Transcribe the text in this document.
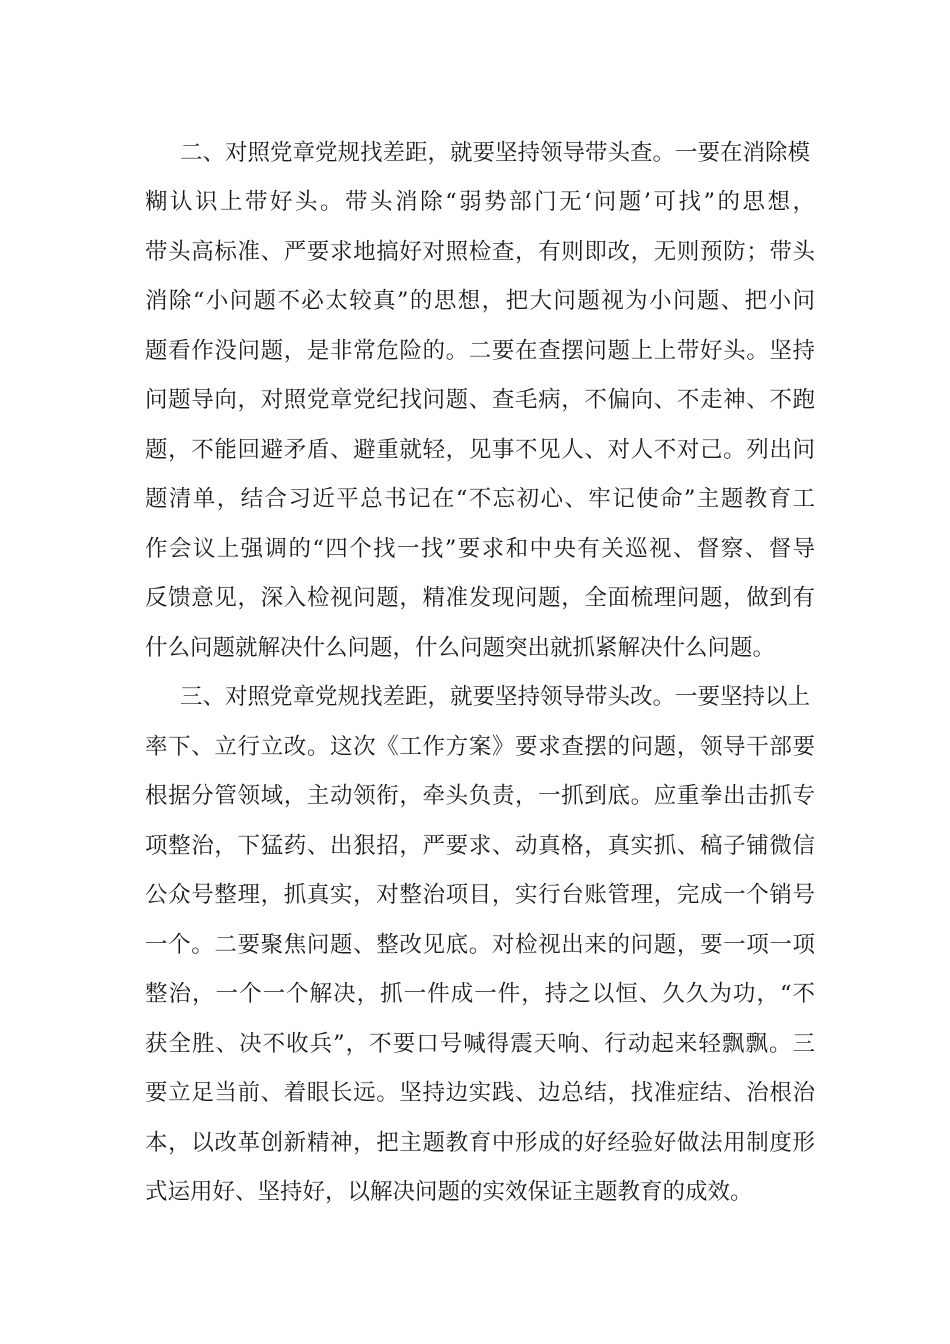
二、对照党章党规找差距，就要坚持领导带头查。一要在消除模
糊认识上带好头。带头消除“弱势部门无‘问题’可找”的思想，
带头高标准、严要求地搞好对照检查，有则即改，无则预防；带头
消除“小问题不必太较真”的思想，把大问题视为小问题、把小问
题看作没问题，是非常危险的。二要在查摆问题上上带好头。坚持
问题导向，对照党章党纪找问题、查毛病，不偏向、不走神、不跑
题，不能回避矛盾、避重就轻，见事不见人、对人不对己。列出问
题清单，结合习近平总书记在“不忘初心、牢记使命”主题教育工
作会议上强调的“四个找一找”要求和中央有关巡视、督察、督导
反馈意见，深入检视问题，精准发现问题，全面梳理问题，做到有
什么问题就解决什么问题，什么问题突出就抓紧解决什么问题。
三、对照党章党规找差距，就要坚持领导带头改。一要坚持以上
率下、立行立改。这次《工作方案》要求查摆的问题，领导干部要
根据分管领域，主动领衔，牵头负责，一抓到底。应重拳出击抓专
项整治，下猛药、出狠招，严要求、动真格，真实抓、稿子铺微信
公众号整理，抓真实，对整治项目，实行台账管理，完成一个销号
一个。二要聚焦问题、整改见底。对检视出来的问题，要一项一项
整治，一个一个解决，抓一件成一件，持之以恒、久久为功，“不
获全胜、决不收兵”，不要口号喊得震天响、行动起来轻飘飘。三
要立足当前、着眼长远。坚持边实践、边总结，找准症结、治根治
本，以改革创新精神，把主题教育中形成的好经验好做法用制度形
式运用好、坚持好，以解决问题的实效保证主题教育的成效。
